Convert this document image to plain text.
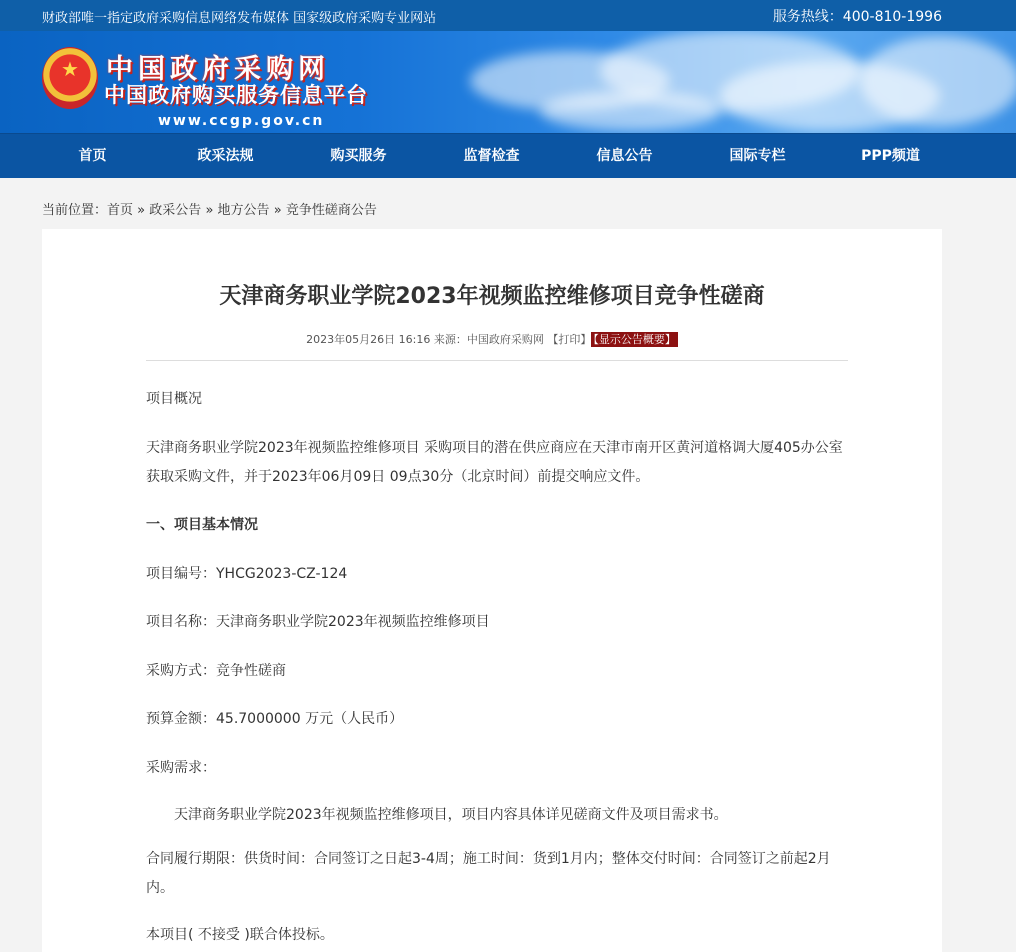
财政部唯一指定政府采购信息网络发布媒体 国家级政府采购专业网站	服务热线：400-810-1996
★	中国政府采购网
中国政府购买服务信息平台
www.ccgp.gov.cn
首页	政采法规	购买服务	监督检查	信息公告	国际专栏	PPP频道
当前位置：首页 » 政采公告 » 地方公告 » 竞争性磋商公告
天津商务职业学院2023年视频监控维修项目竞争性磋商
2023年05月26日 16:16 来源：中国政府采购网 【打印】 【显示公告概要】
项目概况
天津商务职业学院2023年视频监控维修项目 采购项目的潜在供应商应在天津市南开区黄河道格调大厦405办公室获取采购文件，并于2023年06月09日 09点30分（北京时间）前提交响应文件。
一、项目基本情况
项目编号：YHCG2023-CZ-124
项目名称：天津商务职业学院2023年视频监控维修项目
采购方式：竞争性磋商
预算金额：45.7000000 万元（人民币）
采购需求：
天津商务职业学院2023年视频监控维修项目，项目内容具体详见磋商文件及项目需求书。
合同履行期限：供货时间：合同签订之日起3-4周；施工时间：货到1月内；整体交付时间：合同签订之前起2月内。
本项目( 不接受 )联合体投标。
